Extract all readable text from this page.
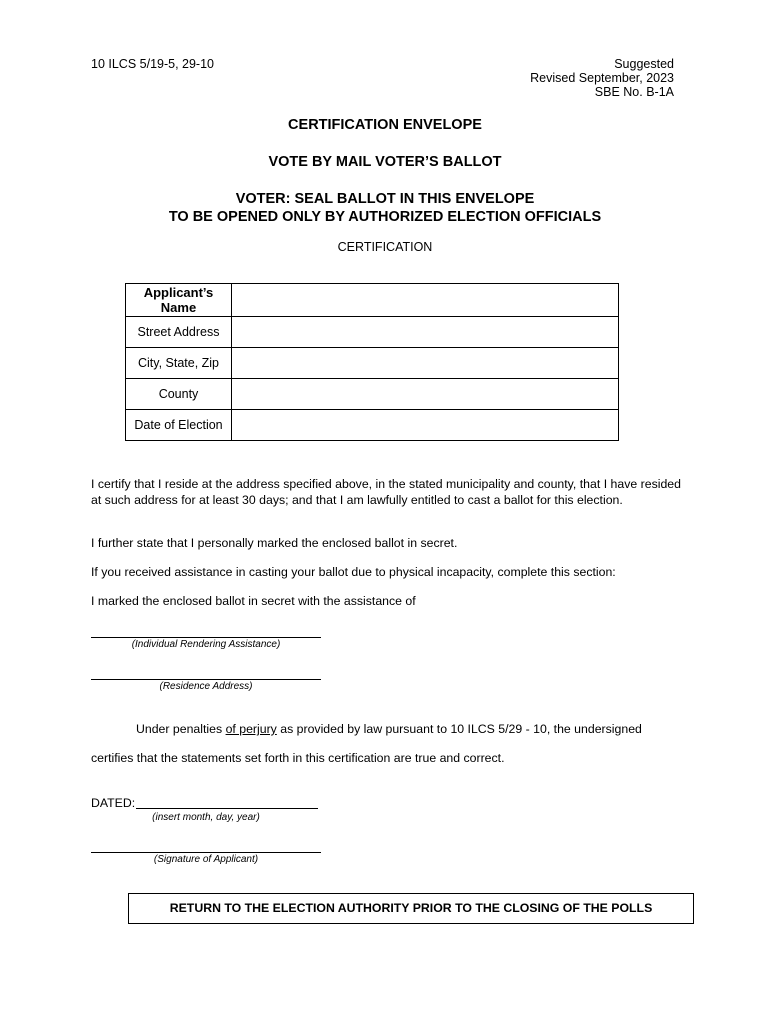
10 ILCS 5/19-5, 29-10	Suggested
Revised September, 2023
SBE No. B-1A
CERTIFICATION ENVELOPE
VOTE BY MAIL VOTER’S BALLOT
VOTER: SEAL BALLOT IN THIS ENVELOPE
TO BE OPENED ONLY BY AUTHORIZED ELECTION OFFICIALS
CERTIFICATION
Applicant’s
Name	
Street Address	
City, State, Zip	
County	
Date of Election	
I certify that I reside at the address specified above, in the stated municipality and county, that I have resided at such address for at least 30 days; and that I am lawfully entitled to cast a ballot for this election.
I further state that I personally marked the enclosed ballot in secret.
If you received assistance in casting your ballot due to physical incapacity, complete this section:
I marked the enclosed ballot in secret with the assistance of
(Individual Rendering Assistance)
(Residence Address)
Under penalties of perjury as provided by law pursuant to 10 ILCS 5/29 - 10, the undersigned
certifies that the statements set forth in this certification are true and correct.
DATED:
(insert month, day, year)
(Signature of Applicant)
RETURN TO THE ELECTION AUTHORITY PRIOR TO THE CLOSING OF THE POLLS
